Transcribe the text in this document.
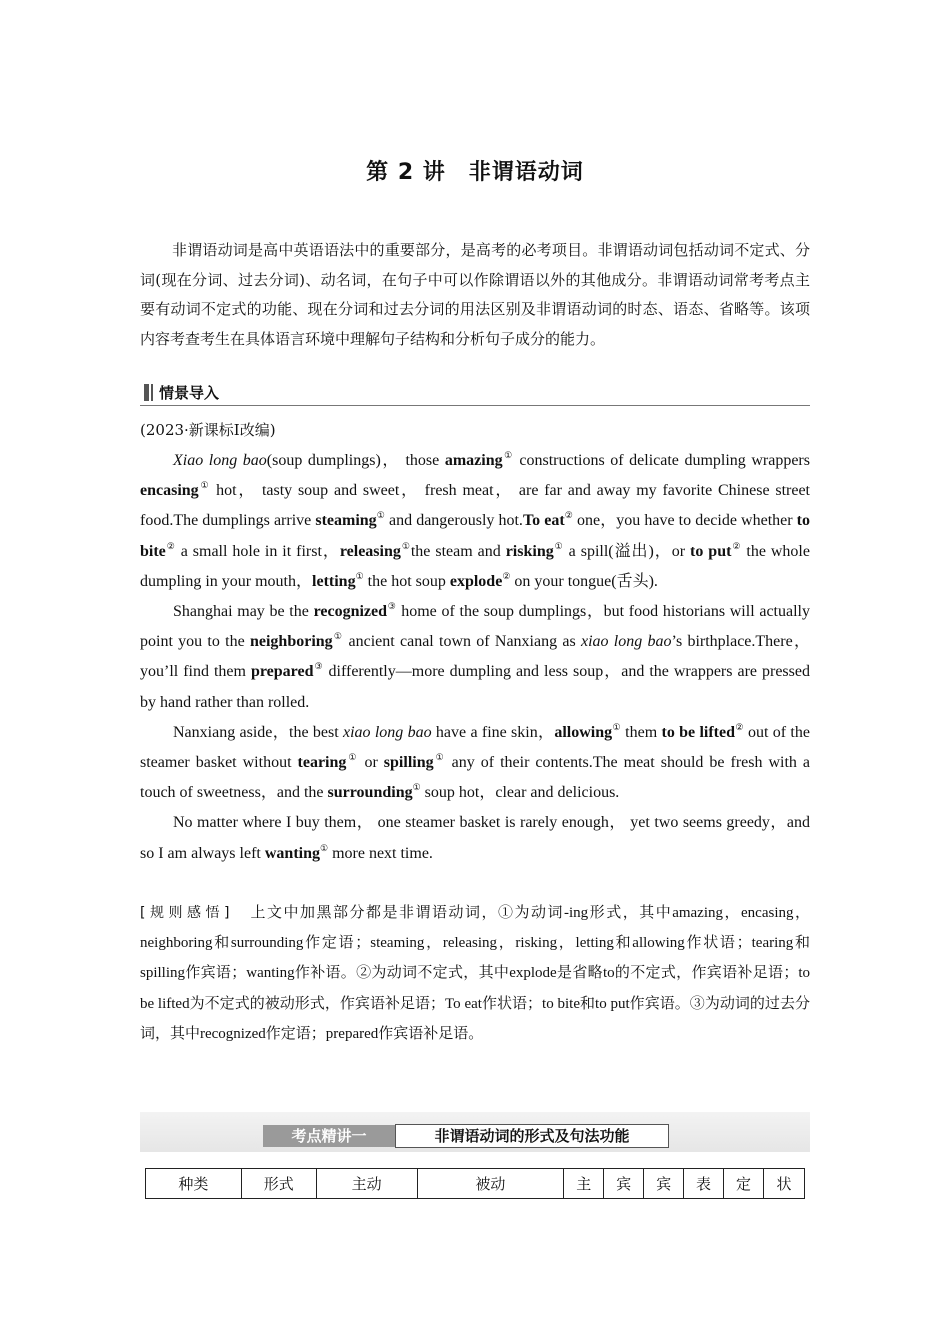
第 2 讲　非谓语动词
非谓语动词是高中英语语法中的重要部分，是高考的必考项目。非谓语动词包括动词不定式、分词(现在分词、过去分词)、动名词，在句子中可以作除谓语以外的其他成分。非谓语动词常考考点主要有动词不定式的功能、现在分词和过去分词的用法区别及非谓语动词的时态、语态、省略等。该项内容考查考生在具体语言环境中理解句子结构和分析句子成分的能力。
情景导入
(2023·新课标Ⅰ改编)

Xiao long bao(soup dumplings)， those amazing① constructions of delicate dumpling wrappers encasing① hot， tasty soup and sweet， fresh meat， are far and away my favorite Chinese street food.The dumplings arrive steaming① and dangerously hot.To eat② one，you have to decide whether to bite② a small hole in it first，releasing①the steam and risking① a spill(溢出)，or to put② the whole dumpling in your mouth，letting① the hot soup explode② on your tongue(舌头).

Shanghai may be the recognized③ home of the soup dumplings，but food historians will actually point you to the neighboring① ancient canal town of Nanxiang as xiao long bao’s birthplace.There，you’ll find them prepared③ differently—more dumpling and less soup，and the wrappers are pressed by hand rather than rolled.

Nanxiang aside，the best xiao long bao have a fine skin，allowing① them to be lifted② out of the steamer basket without tearing① or spilling① any of their contents.The meat should be fresh with a touch of sweetness，and the surrounding① soup hot，clear and delicious.

No matter where I buy them， one steamer basket is rarely enough， yet two seems greedy，and so I am always left wanting① more next time.

[规则感悟]　上文中加黑部分都是非谓语动词，①为动词-ing形式，其中amazing，encasing，neighboring和surrounding作定语；steaming，releasing，risking，letting和allowing作状语；tearing和spilling作宾语；wanting作补语。②为动词不定式，其中explode是省略to的不定式，作宾语补足语；to be lifted为不定式的被动形式，作宾语补足语；To eat作状语；to bite和to put作宾语。③为动词的过去分词，其中recognized作定语；prepared作宾语补足语。
考点精讲一	非谓语动词的形式及句法功能
种类	形式	主动	被动	主	宾	宾	表	定	状
